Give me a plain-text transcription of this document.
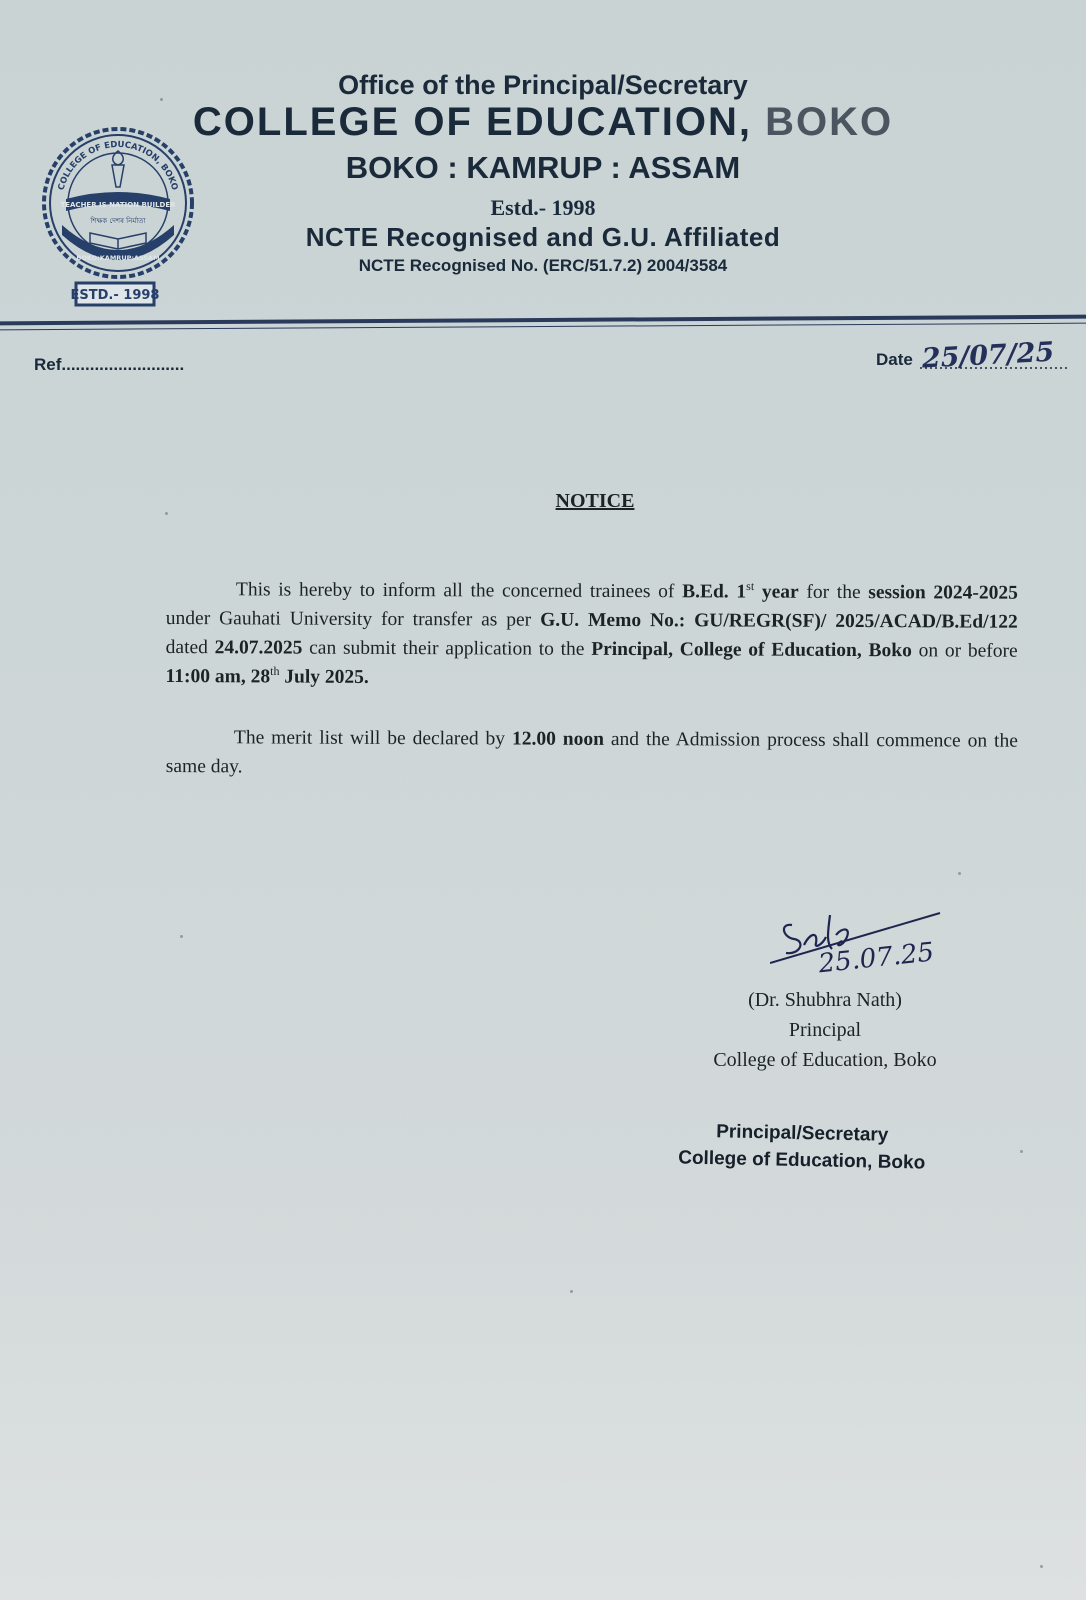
COLLEGE OF EDUCATION, BOKO
TEACHER IS NATION BUILDER
শিক্ষক দেশৰ নিৰ্মাতা
BOKO:KAMRUP:ASSAM
ESTD.- 1998
Office of the Principal/Secretary
COLLEGE OF EDUCATION, BOKO
BOKO : KAMRUP : ASSAM
Estd.- 1998
NCTE Recognised and G.U. Affiliated
NCTE Recognised No. (ERC/51.7.2) 2004/3584
Ref..........................	Date 25/07/25
NOTICE
This is hereby to inform all the concerned trainees of B.Ed. 1st year for the session 2024-2025 under Gauhati University for transfer as per G.U. Memo No.: GU/REGR(SF)/ 2025/ACAD/B.Ed/122 dated 24.07.2025 can submit their application to the Principal, College of Education, Boko on or before 11:00 am, 28th July 2025.
The merit list will be declared by 12.00 noon and the Admission process shall commence on the same day.
25.07.25
(Dr. Shubhra Nath)
Principal
College of Education, Boko
Principal/Secretary
College of Education, Boko
